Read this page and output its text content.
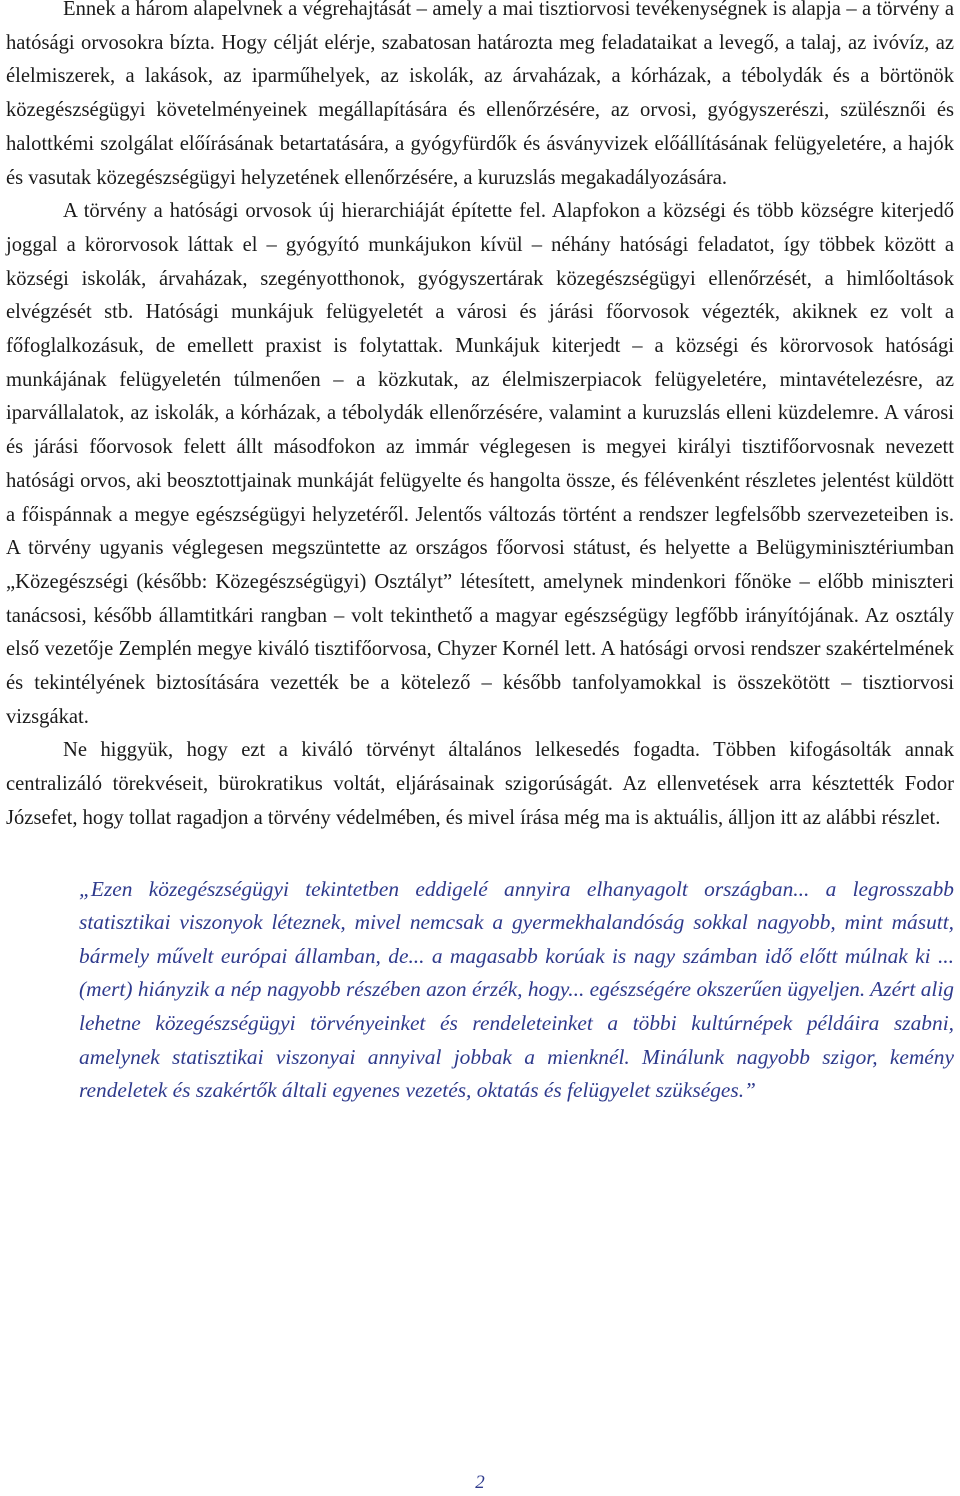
Ennek a három alapelvnek a végrehajtását – amely a mai tisztiorvosi tevékenységnek is alapja – a törvény a hatósági orvosokra bízta. Hogy célját elérje, szabatosan határozta meg feladataikat a levegő, a talaj, az ivóvíz, az élelmiszerek, a lakások, az iparműhelyek, az iskolák, az árvaházak, a kórházak, a tébolydák és a börtönök közegészségügyi követelményeinek megállapítására és ellenőrzésére, az orvosi, gyógyszerészi, szülésznői és halottkémi szolgálat előírásának betartatására, a gyógyfürdők és ásványvizek előállításának felügyeletére, a hajók és vasutak közegészségügyi helyzetének ellenőrzésére, a kuruzslás megakadályozására.

A törvény a hatósági orvosok új hierarchiáját építette fel. Alapfokon a községi és több községre kiterjedő joggal a körorvosok láttak el – gyógyító munkájukon kívül – néhány hatósági feladatot, így többek között a községi iskolák, árvaházak, szegényotthonok, gyógyszertárak közegészségügyi ellenőrzését, a himlőoltások elvégzését stb. Hatósági munkájuk felügyeletét a városi és járási főorvosok végezték, akiknek ez volt a főfoglalkozásuk, de emellett praxist is folytattak. Munkájuk kiterjedt – a községi és körorvosok hatósági munkájának felügyeletén túlmenően – a közkutak, az élelmiszerpiacok felügyeletére, mintavételezésre, az iparvállalatok, az iskolák, a kórházak, a tébolydák ellenőrzésére, valamint a kuruzslás elleni küzdelemre. A városi és járási főorvosok felett állt másodfokon az immár véglegesen is megyei királyi tisztifőorvosnak nevezett hatósági orvos, aki beosztottjainak munkáját felügyelte és hangolta össze, és félévenként részletes jelentést küldött a főispánnak a megye egészségügyi helyzetéről. Jelentős változás történt a rendszer legfelsőbb szervezeteiben is. A törvény ugyanis véglegesen megszüntette az országos főorvosi státust, és helyette a Belügyminisztériumban „Közegészségi (később: Közegészségügyi) Osztályt” létesített, amelynek mindenkori főnöke – előbb miniszteri tanácsosi, később államtitkári rangban – volt tekinthető a magyar egészségügy legfőbb irányítójának. Az osztály első vezetője Zemplén megye kiváló tisztifőorvosa, Chyzer Kornél lett. A hatósági orvosi rendszer szakértelmének és tekintélyének biztosítására vezették be a kötelező – később tanfolyamokkal is összekötött – tisztiorvosi vizsgákat.

Ne higgyük, hogy ezt a kiváló törvényt általános lelkesedés fogadta. Többen kifogásolták annak centralizáló törekvéseit, bürokratikus voltát, eljárásainak szigorúságát. Az ellenvetések arra késztették Fodor Józsefet, hogy tollat ragadjon a törvény védelmében, és mivel írása még ma is aktuális, álljon itt az alábbi részlet.

„Ezen közegészségügyi tekintetben eddigelé annyira elhanyagolt országban... a legrosszabb statisztikai viszonyok léteznek, mivel nemcsak a gyermekhalandóság sokkal nagyobb, mint másutt, bármely művelt európai államban, de... a magasabb korúak is nagy számban idő előtt múlnak ki ... (mert) hiányzik a nép nagyobb részében azon érzék, hogy... egészségére okszerűen ügyeljen. Azért alig lehetne közegészségügyi törvényeinket és rendeleteinket a többi kultúrnépek példáira szabni, amelynek statisztikai viszonyai annyival jobbak a mienknél. Minálunk nagyobb szigor, kemény rendeletek és szakértők általi egyenes vezetés, oktatás és felügyelet szükséges.”

2
